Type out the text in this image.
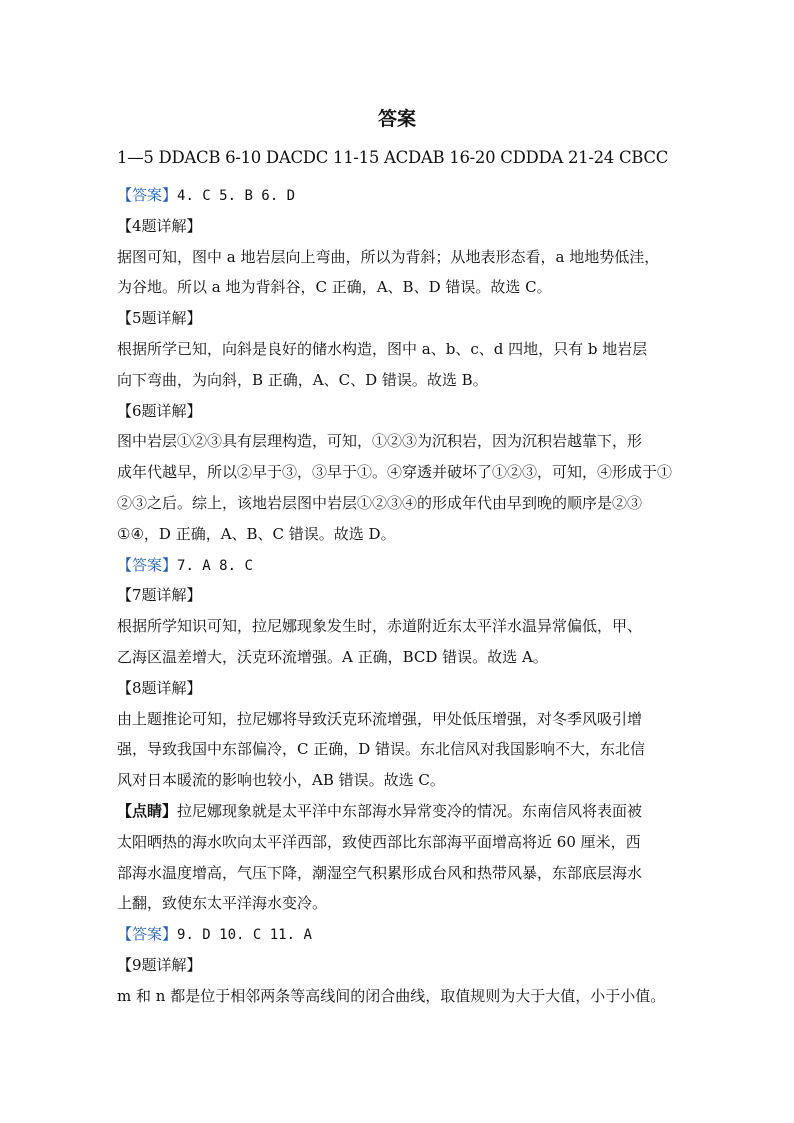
答案
1—5 DDACB 6-10 DACDC 11-15 ACDAB 16-20 CDDDA 21-24 CBCC
【答案】4. C 5. B 6. D
【4题详解】
据图可知，图中 a 地岩层向上弯曲，所以为背斜；从地表形态看，a 地地势低洼，
为谷地。所以 a 地为背斜谷，C 正确，A、B、D 错误。故选 C。
【5题详解】
根据所学已知，向斜是良好的储水构造，图中 a、b、c、d 四地，只有 b 地岩层
向下弯曲，为向斜，B 正确，A、C、D 错误。故选 B。
【6题详解】
图中岩层①②③具有层理构造，可知，①②③为沉积岩，因为沉积岩越靠下，形
成年代越早，所以②早于③，③早于①。④穿透并破坏了①②③，可知，④形成于①
②③之后。综上，该地岩层图中岩层①②③④的形成年代由早到晚的顺序是②③
①④，D 正确，A、B、C 错误。故选 D。
【答案】7. A 8. C
【7题详解】
根据所学知识可知，拉尼娜现象发生时，赤道附近东太平洋水温异常偏低，甲、
乙海区温差增大，沃克环流增强。A 正确，BCD 错误。故选 A。
【8题详解】
由上题推论可知，拉尼娜将导致沃克环流增强，甲处低压增强，对冬季风吸引增
强，导致我国中东部偏冷，C 正确，D 错误。东北信风对我国影响不大，东北信
风对日本暖流的影响也较小，AB 错误。故选 C。
【点睛】拉尼娜现象就是太平洋中东部海水异常变冷的情况。东南信风将表面被
太阳晒热的海水吹向太平洋西部，致使西部比东部海平面增高将近 60 厘米，西
部海水温度增高，气压下降，潮湿空气积累形成台风和热带风暴，东部底层海水
上翻，致使东太平洋海水变冷。
【答案】9. D 10. C 11. A
【9题详解】
m 和 n 都是位于相邻两条等高线间的闭合曲线，取值规则为大于大值，小于小值。
